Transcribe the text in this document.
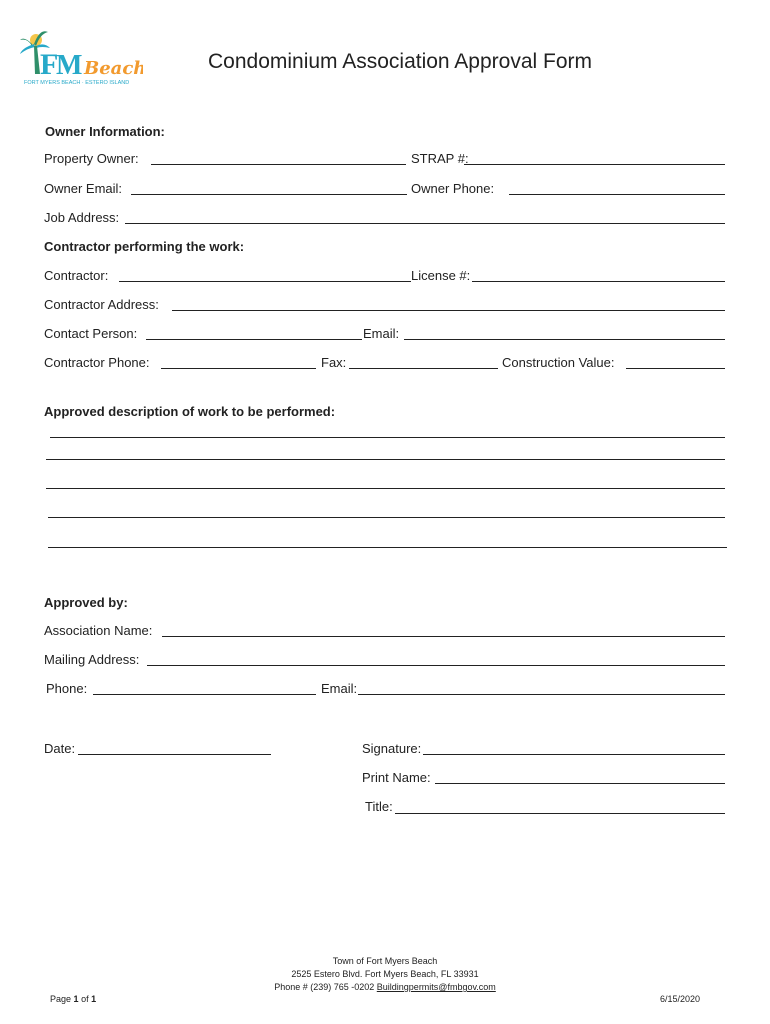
F
M Beach
FORT MYERS BEACH · ESTERO ISLAND
Condominium Association Approval Form
Owner Information:
Property Owner:	STRAP #:
Owner Email:	Owner Phone:
Job Address:
Contractor performing the work:
Contractor:	License #:
Contractor Address:
Contact Person:	Email:
Contractor Phone:	Fax:	Construction Value:
Approved description of work to be performed:
Approved by:
Association Name:
Mailing Address:
Phone:	Email:
Date:	Signature:
Print Name:
Title:
Town of Fort Myers Beach
2525 Estero Blvd. Fort Myers Beach, FL 33931
Phone # (239) 765 -0202 Buildingpermits@fmbgov.com
Page 1 of 1	6/15/2020
